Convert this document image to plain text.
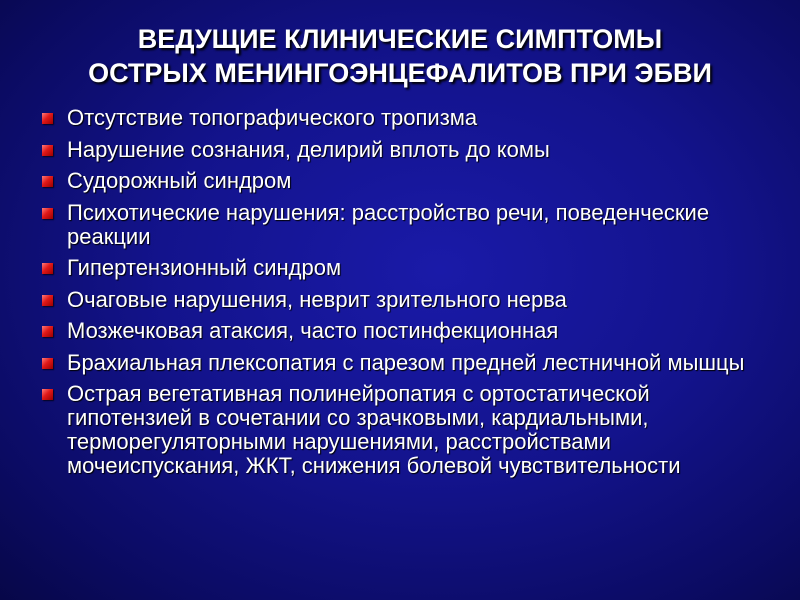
ВЕДУЩИЕ КЛИНИЧЕСКИЕ СИМПТОМЫ
ОСТРЫХ МЕНИНГОЭНЦЕФАЛИТОВ ПРИ ЭБВИ
Отсутствие топографического тропизма
Нарушение сознания, делирий вплоть до комы
Судорожный синдром
Психотические нарушения: расстройство речи, поведенческие реакции
Гипертензионный синдром
Очаговые нарушения, неврит зрительного нерва
Мозжечковая атаксия, часто постинфекционная
Брахиальная плексопатия с парезом предней лестничной мышцы
Острая вегетативная полинейропатия с ортостатической гипотензией в сочетании со зрачковыми, кардиальными, терморегуляторными нарушениями, расстройствами мочеиспускания, ЖКТ, снижения болевой чувствительности
